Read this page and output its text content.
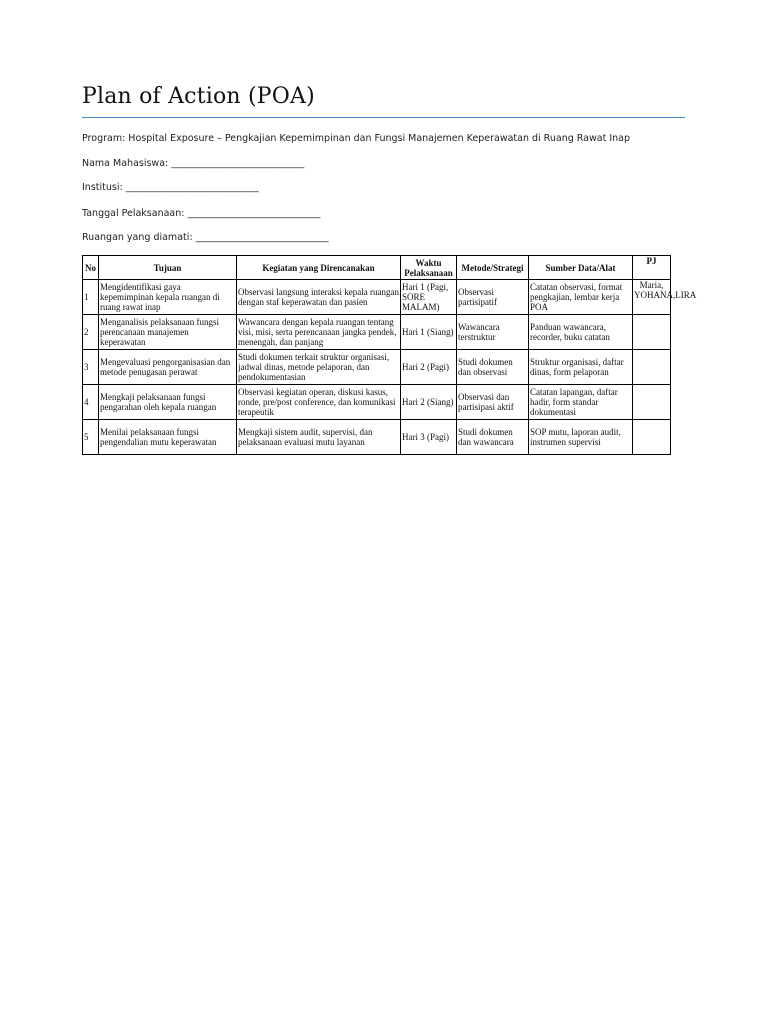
Plan of Action (POA)
Program: Hospital Exposure – Pengkajian Kepemimpinan dan Fungsi Manajemen Keperawatan di Ruang Rawat Inap
Nama Mahasiswa: ____________________________
Institusi: ____________________________
Tanggal Pelaksanaan: ____________________________
Ruangan yang diamati: ____________________________
No	Tujuan	Kegiatan yang Direncanakan	Waktu Pelaksanaan	Metode/Strategi	Sumber Data/Alat	PJ
1	Mengidentifikasi gaya kepemimpinan kepala ruangan di ruang rawat inap	Observasi langsung interaksi kepala ruangan dengan staf keperawatan dan pasien	Hari 1 (Pagi, SORE MALAM)	Observasi partisipatif	Catatan observasi, format pengkajian, lembar kerja POA	Maria, YOHANA,LIRA
2	Menganalisis pelaksanaan fungsi perencanaan manajemen keperawatan	Wawancara dengan kepala ruangan tentang visi, misi, serta perencanaan jangka pendek, menengah, dan panjang	Hari 1 (Siang)	Wawancara terstruktur	Panduan wawancara, recorder, buku catatan	
3	Mengevaluasi pengorganisasian dan metode penugasan perawat	Studi dokumen terkait struktur organisasi, jadwal dinas, metode pelaporan, dan pendokumentasian	Hari 2 (Pagi)	Studi dokumen dan observasi	Struktur organisasi, daftar dinas, form pelaporan	
4	Mengkaji pelaksanaan fungsi pengarahan oleh kepala ruangan	Observasi kegiatan operan, diskusi kasus, ronde, pre/post conference, dan komunikasi terapeutik	Hari 2 (Siang)	Observasi dan partisipasi aktif	Catatan lapangan, daftar hadir, form standar dokumentasi	
5	Menilai pelaksanaan fungsi pengendalian mutu keperawatan	Mengkaji sistem audit, supervisi, dan pelaksanaan evaluasi mutu layanan	Hari 3 (Pagi)	Studi dokumen dan wawancara	SOP mutu, laporan audit, instrumen supervisi	
